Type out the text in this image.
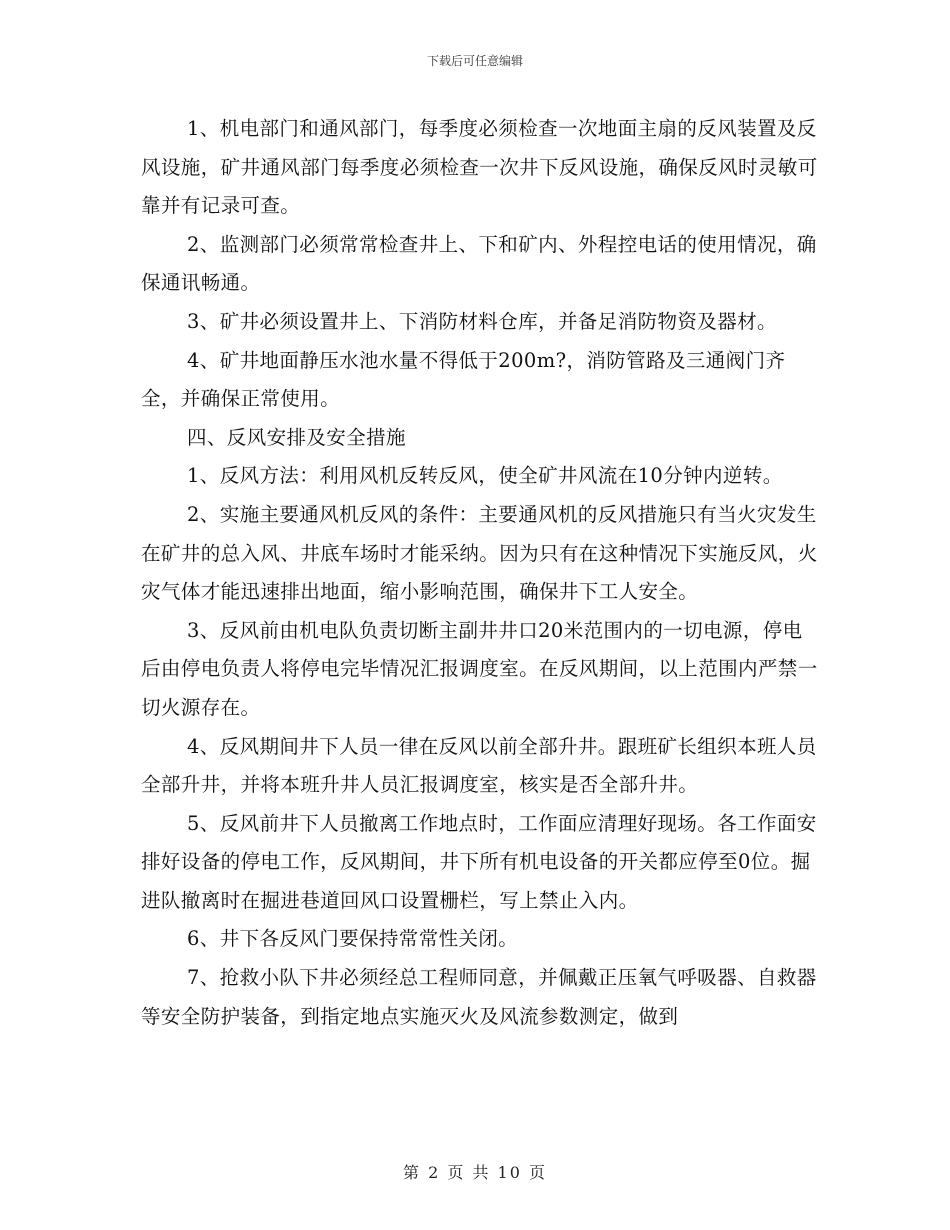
下载后可任意编辑

1、机电部门和通风部门，每季度必须检查一次地面主扇的反风装置及反风设施，矿井通风部门每季度必须检查一次井下反风设施，确保反风时灵敏可靠并有记录可查。

2、监测部门必须常常检查井上、下和矿内、外程控电话的使用情况，确保通讯畅通。

3、矿井必须设置井上、下消防材料仓库，并备足消防物资及器材。

4、矿井地面静压水池水量不得低于200m?，消防管路及三通阀门齐全，并确保正常使用。

四、反风安排及安全措施

1、反风方法：利用风机反转反风，使全矿井风流在10分钟内逆转。

2、实施主要通风机反风的条件：主要通风机的反风措施只有当火灾发生在矿井的总入风、井底车场时才能采纳。因为只有在这种情况下实施反风，火灾气体才能迅速排出地面，缩小影响范围，确保井下工人安全。

3、反风前由机电队负责切断主副井井口20米范围内的一切电源，停电后由停电负责人将停电完毕情况汇报调度室。在反风期间，以上范围内严禁一切火源存在。

4、反风期间井下人员一律在反风以前全部升井。跟班矿长组织本班人员全部升井，并将本班升井人员汇报调度室，核实是否全部升井。

5、反风前井下人员撤离工作地点时，工作面应清理好现场。各工作面安排好设备的停电工作，反风期间，井下所有机电设备的开关都应停至0位。掘进队撤离时在掘进巷道回风口设置栅栏，写上禁止入内。

6、井下各反风门要保持常常性关闭。

7、抢救小队下井必须经总工程师同意，并佩戴正压氧气呼吸器、自救器等安全防护装备，到指定地点实施灭火及风流参数测定，做到

第 2 页 共 10 页
